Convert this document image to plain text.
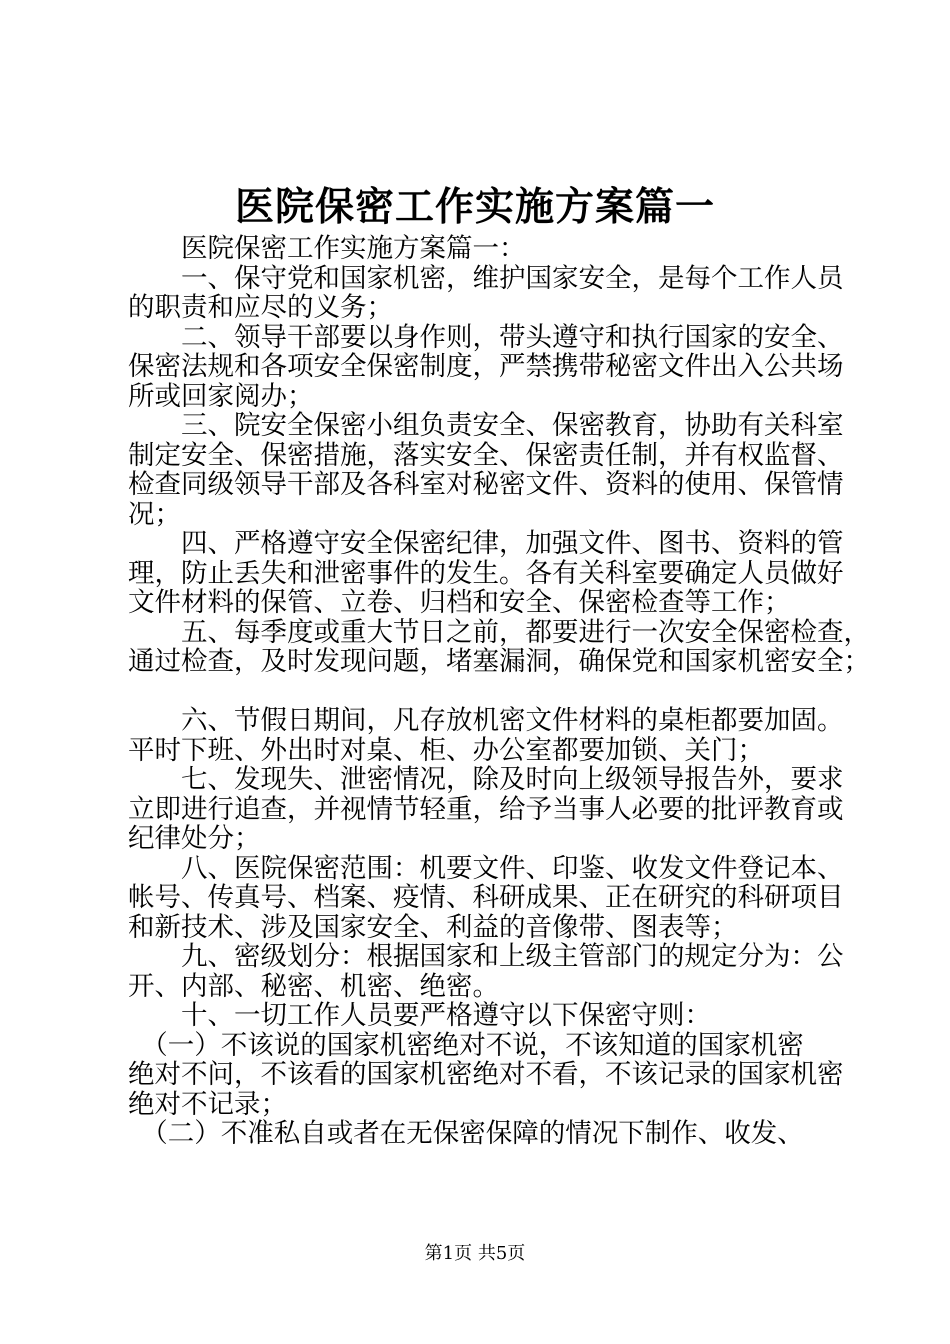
医院保密工作实施方案篇一
　　医院保密工作实施方案篇一：
　　一、保守党和国家机密，维护国家安全，是每个工作人员
的职责和应尽的义务；
　　二、领导干部要以身作则，带头遵守和执行国家的安全、
保密法规和各项安全保密制度，严禁携带秘密文件出入公共场
所或回家阅办；
　　三、院安全保密小组负责安全、保密教育，协助有关科室
制定安全、保密措施，落实安全、保密责任制，并有权监督、
检查同级领导干部及各科室对秘密文件、资料的使用、保管情
况；
　　四、严格遵守安全保密纪律，加强文件、图书、资料的管
理，防止丢失和泄密事件的发生。各有关科室要确定人员做好
文件材料的保管、立卷、归档和安全、保密检查等工作；
　　五、每季度或重大节日之前，都要进行一次安全保密检查，
通过检查，及时发现问题，堵塞漏洞，确保党和国家机密安全；
　　六、节假日期间，凡存放机密文件材料的桌柜都要加固。
平时下班、外出时对桌、柜、办公室都要加锁、关门；
　　七、发现失、泄密情况，除及时向上级领导报告外，要求
立即进行追查，并视情节轻重，给予当事人必要的批评教育或
纪律处分；
　　八、医院保密范围：机要文件、印鉴、收发文件登记本、
帐号、传真号、档案、疫情、科研成果、正在研究的科研项目
和新技术、涉及国家安全、利益的音像带、图表等；
　　九、密级划分：根据国家和上级主管部门的规定分为：公
开、内部、秘密、机密、绝密。
　　十、一切工作人员要严格遵守以下保密守则：
　（一）不该说的国家机密绝对不说，不该知道的国家机密
绝对不问，不该看的国家机密绝对不看，不该记录的国家机密
绝对不记录；
　（二）不准私自或者在无保密保障的情况下制作、收发、
第1页 共5页
